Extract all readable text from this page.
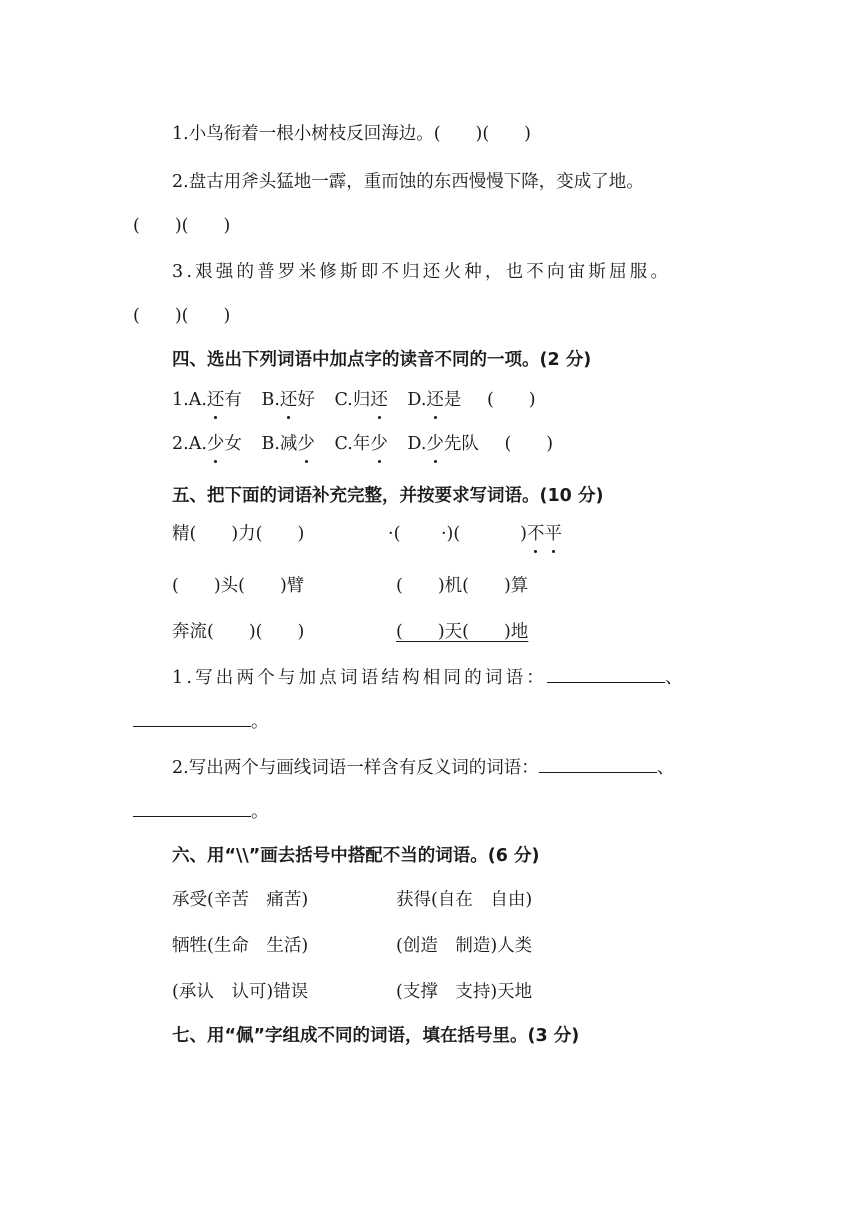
1.小鸟衔着一根小树枝反回海边。(　　)(　　)
2.盘古用斧头猛地一霹，重而蚀的东西慢慢下降，变成了地。
(　　)(　　)
3.艰强的普罗米修斯即不归还火种，也不向宙斯屈服。
(　　)(　　)
四、选出下列词语中加点字的读音不同的一项。(2 分)
1.A.还有 B.还好 C.归还 D.还是 (　　)
2.A.少女 B.减少 C.年少 D.少先队 (　　)
五、把下面的词语补充完整，并按要求写词语。(10 分)
精(　　)力(　　)	·(　　 ·)(	)不平
(　　)头(　　)臂	(　　)机(　　)算
奔流(　　)(　　)	(　　)天(　　)地
1.写出两个与加点词语结构相同的词语：	、
。
2.写出两个与画线词语一样含有反义词的词语：	、
。
六、用“\\”画去括号中搭配不当的词语。(6 分)
承受(辛苦　痛苦)	获得(自在　自由)
牺牲(生命　生活)	(创造　制造)人类
(承认　认可)错误	(支撑　支持)天地
七、用“佩”字组成不同的词语，填在括号里。(3 分)
